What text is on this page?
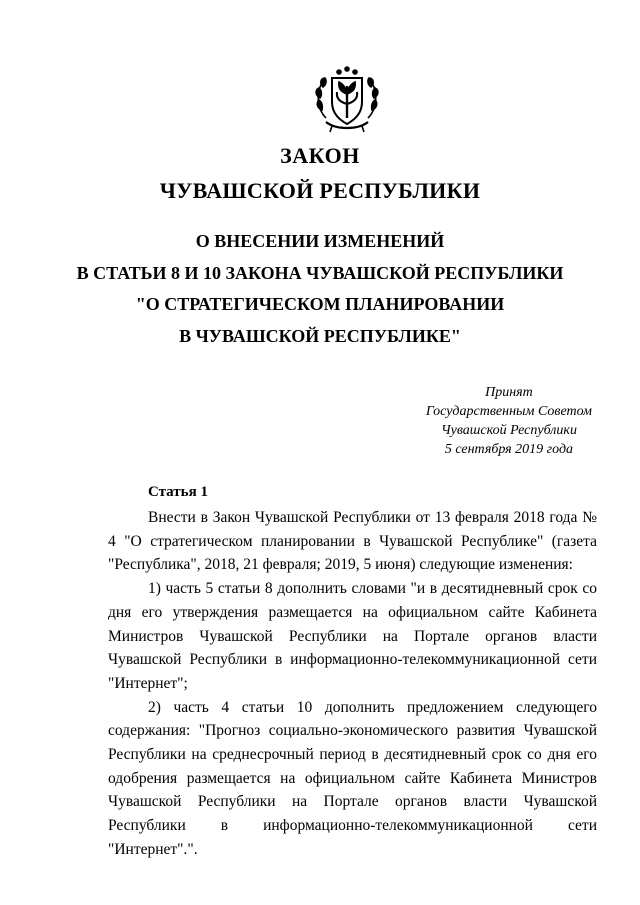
ЗАКОН
ЧУВАШСКОЙ РЕСПУБЛИКИ
О ВНЕСЕНИИ ИЗМЕНЕНИЙ
В СТАТЬИ 8 И 10 ЗАКОНА ЧУВАШСКОЙ РЕСПУБЛИКИ
"О СТРАТЕГИЧЕСКОМ ПЛАНИРОВАНИИ
В ЧУВАШСКОЙ РЕСПУБЛИКЕ"
Принят
Государственным Советом
Чувашской Республики
5 сентября 2019 года
Статья 1

Внести в Закон Чувашской Республики от 13 февраля 2018 года № 4 "О стратегическом планировании в Чувашской Республике" (газета "Республика", 2018, 21 февраля; 2019, 5 июня) следующие изменения:

1) часть 5 статьи 8 дополнить словами "и в десятидневный срок со дня его утверждения размещается на официальном сайте Кабинета Министров Чувашской Республики на Портале органов власти Чувашской Республики в информационно-телекоммуникационной сети "Интернет";

2) часть 4 статьи 10 дополнить предложением следующего содержания: "Прогноз социально-экономического развития Чувашской Республики на среднесрочный период в десятидневный срок со дня его одобрения размещается на официальном сайте Кабинета Министров Чувашской Республики на Портале органов власти Чувашской Республики в информационно-телекоммуникационной сети "Интернет".".
